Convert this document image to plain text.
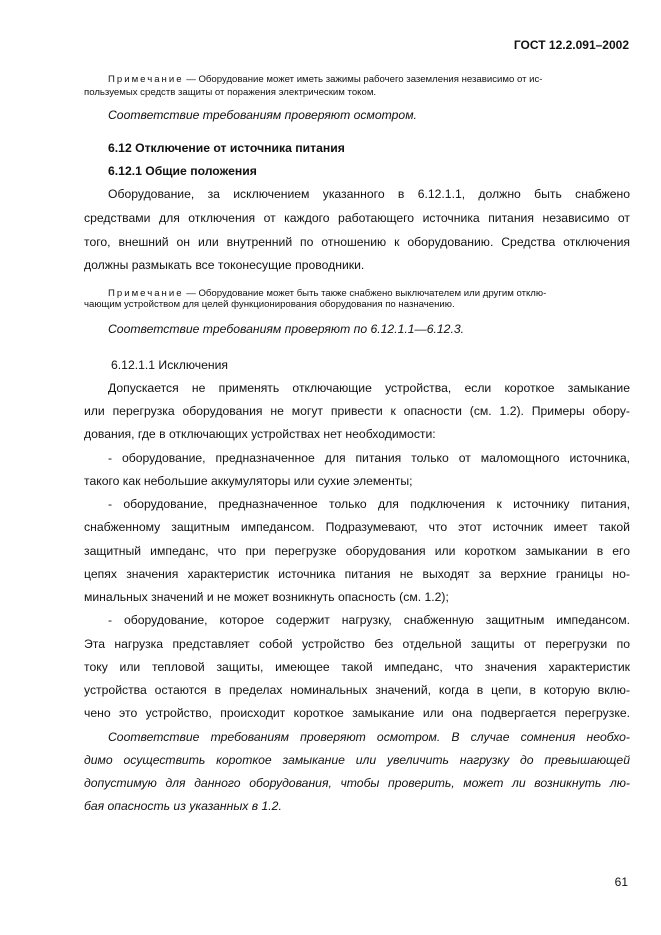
ГОСТ 12.2.091–2002
Примечание — Оборудование может иметь зажимы рабочего заземления независимо от ис-
пользуемых средств защиты от поражения электрическим током.
Соответствие требованиям проверяют осмотром.
6.12 Отключение от источника питания
6.12.1 Общие положения
Оборудование, за исключением указанного в 6.12.1.1, должно быть снабжено
средствами для отключения от каждого работающего источника питания независимо от
того, внешний он или внутренний по отношению к оборудованию. Средства отключения
должны размыкать все токонесущие проводники.
Примечание — Оборудование может быть также снабжено выключателем или другим отклю-
чающим устройством для целей функционирования оборудования по назначению.
Соответствие требованиям проверяют по 6.12.1.1—6.12.3.
6.12.1.1 Исключения
Допускается не применять отключающие устройства, если короткое замыкание
или перегрузка оборудования не могут привести к опасности (см. 1.2). Примеры обору-
дования, где в отключающих устройствах нет необходимости:
- оборудование, предназначенное для питания только от маломощного источника,
такого как небольшие аккумуляторы или сухие элементы;
- оборудование, предназначенное только для подключения к источнику питания,
снабженному защитным импедансом. Подразумевают, что этот источник имеет такой
защитный импеданс, что при перегрузке оборудования или коротком замыкании в его
цепях значения характеристик источника питания не выходят за верхние границы но-
минальных значений и не может возникнуть опасность (см. 1.2);
- оборудование, которое содержит нагрузку, снабженную защитным импедансом.
Эта нагрузка представляет собой устройство без отдельной защиты от перегрузки по
току или тепловой защиты, имеющее такой импеданс, что значения характеристик
устройства остаются в пределах номинальных значений, когда в цепи, в которую вклю-
чено это устройство, происходит короткое замыкание или она подвергается перегрузке.
Соответствие требованиям проверяют осмотром. В случае сомнения необхо-
димо осуществить короткое замыкание или увеличить нагрузку до превышающей
допустимую для данного оборудования, чтобы проверить, может ли возникнуть лю-
бая опасность из указанных в 1.2.
61
